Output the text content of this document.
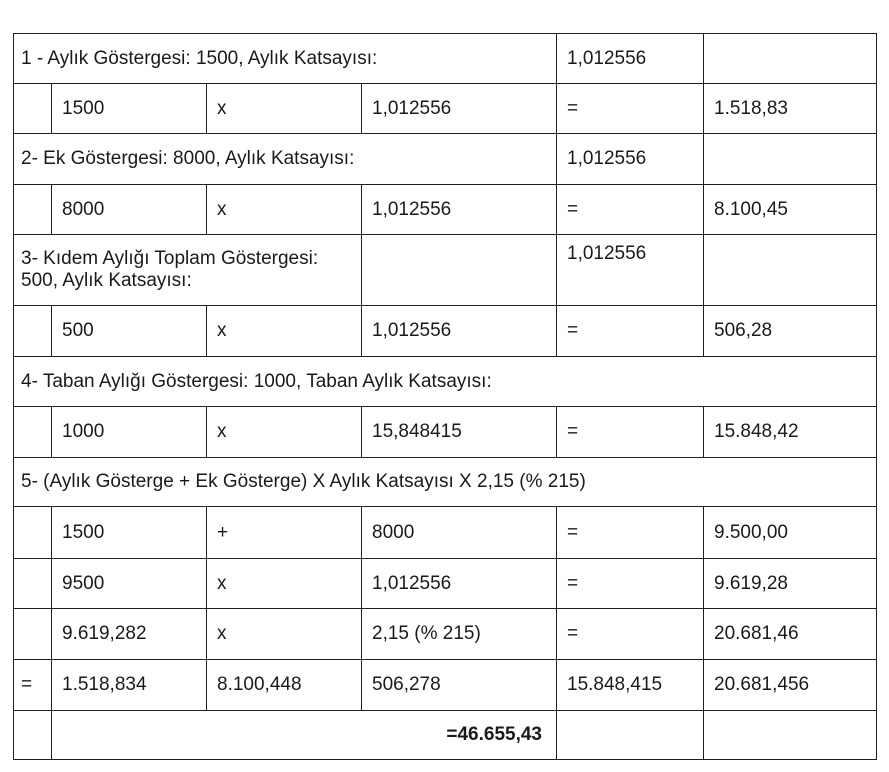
1 - Aylık Göstergesi: 1500, Aylık Katsayısı:				1,012556	
	1500	x	1,012556	=	1.518,83
2- Ek Göstergesi: 8000, Aylık Katsayısı:				1,012556	
	8000	x	1,012556	=	8.100,45
3- Kıdem Aylığı Toplam Göstergesi: 500, Aylık Katsayısı:				1,012556	
	500	x	1,012556	=	506,28
4- Taban Aylığı Göstergesi: 1000, Taban Aylık Katsayısı:					
	1000	x	15,848415	=	15.848,42
5- (Aylık Gösterge + Ek Gösterge) X Aylık Katsayısı X 2,15 (% 215)					
	1500	+	8000	=	9.500,00
	9500	x	1,012556	=	9.619,28
	9.619,282	x	2,15 (% 215)	=	20.681,46
=	1.518,834	8.100,448	506,278	15.848,415	20.681,456
	=46.655,43				
